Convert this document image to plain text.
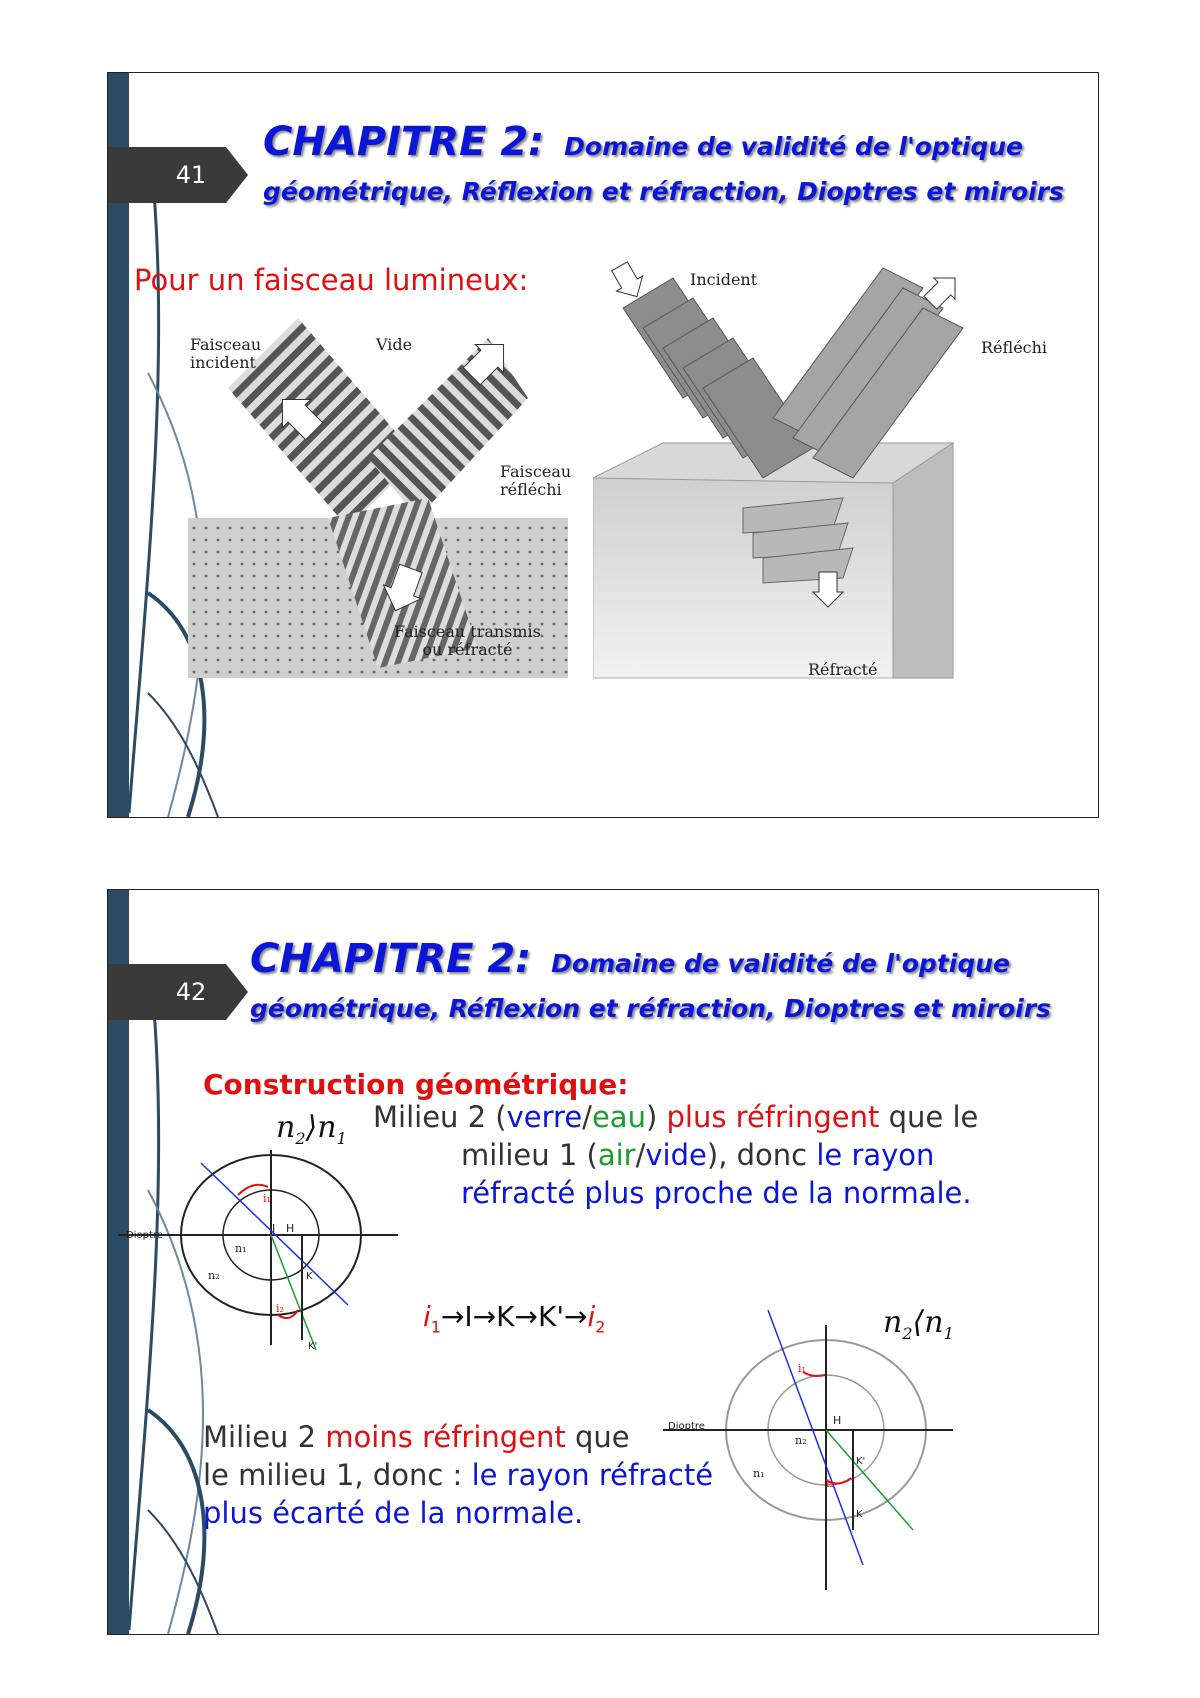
41
CHAPITRE 2: Domaine de validité de l'optique
géométrique, Réflexion et réfraction, Dioptres et miroirs
Pour un faisceau lumineux:
Faisceau
incident
Vide
Faisceau
réfléchi
Faisceau transmis
ou réfracté
Incident
Réfléchi
Réfracté
42
CHAPITRE 2: Domaine de validité de l'optique
géométrique, Réflexion et réfraction, Dioptres et miroirs
Construction géométrique:
$n_2⟩n_1$
Milieu 2 (verre/eau) plus réfringent que le
milieu 1 (air/vide), donc le rayon
réfracté plus proche de la normale.
Dioptre
n₁
n₂
I H
K
K'
i₁
i₂	$i_1\to I\to K\to K'\to i_2$	$n_2⟨n_1$
Dioptre
n₂
n₁
H
K'
K
i₁
i₂
Milieu 2 moins réfringent que
le milieu 1, donc : le rayon réfracté
plus écarté de la normale.
